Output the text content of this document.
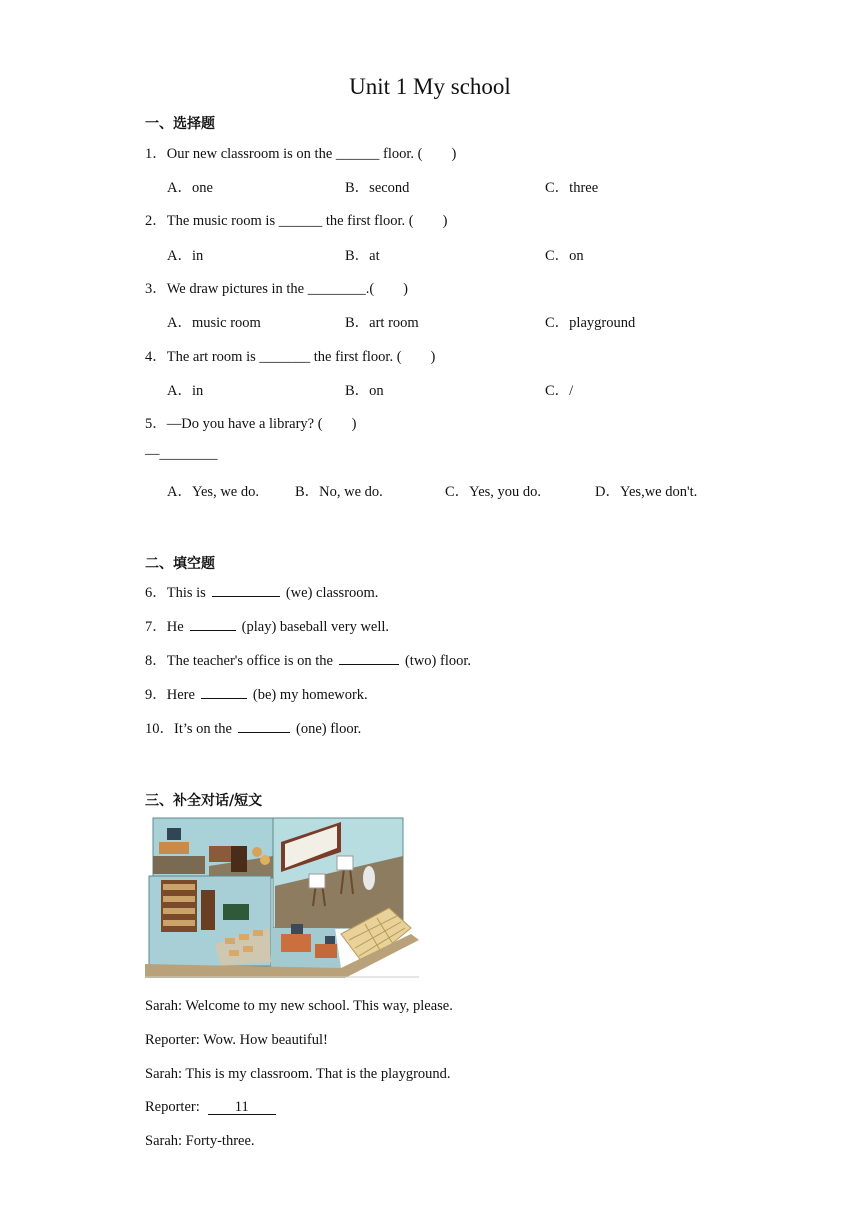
Unit 1 My school
一、选择题
1．Our new classroom is on the ______ floor. (　　)
A．one	B．second	C．three
2．The music room is ______ the first floor. (　　)
A．in	B．at	C．on
3．We draw pictures in the ________.(　　)
A．music room	B．art room	C．playground
4．The art room is _______ the first floor. (　　)
A．in	B．on	C．/
5．—Do you have a library? (　　)
—________
A．Yes, we do. B．No, we do.	C．Yes, you do.	D．Yes,we don't.
二、填空题
6．This is	(we) classroom.
7．He	(play) baseball very well.
8．The teacher's office is on the	(two) floor.
9．Here	(be) my homework.
10．It’s on the	(one) floor.
三、补全对话/短文
Sarah: Welcome to my new school. This way, please.
Reporter: Wow. How beautiful!
Sarah: This is my classroom. That is the playground.
Reporter: 11
Sarah: Forty-three.
